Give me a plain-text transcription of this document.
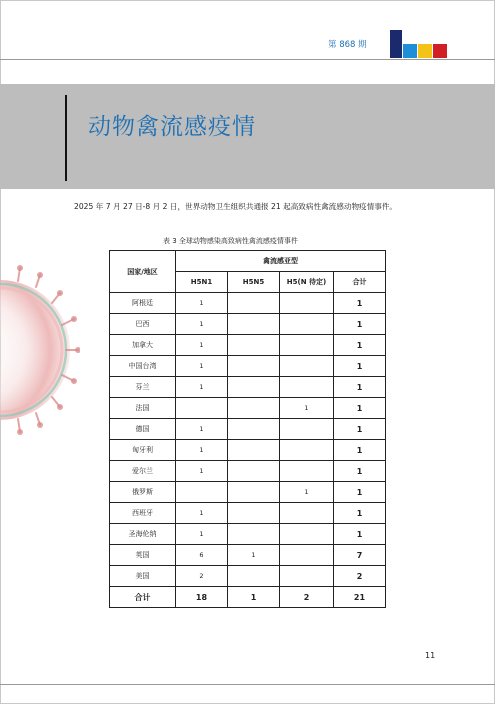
第 868 期
动物禽流感疫情
2025 年 7 月 27 日-8 月 2 日，世界动物卫生组织共通报 21 起高致病性禽流感动物疫情事件。
表 3 全球动物感染高致病性禽流感疫情事件
国家/地区	禽流感亚型			
	H5N1	H5N5	H5(N 待定)	合计
阿根廷	1			1
巴西	1			1
加拿大	1			1
中国台湾	1			1
芬兰	1			1
法国			1	1
德国	1			1
匈牙利	1			1
爱尔兰	1			1
俄罗斯			1	1
西班牙	1			1
圣海伦纳	1			1
英国	6	1		7
美国	2			2
合计	18	1	2	21
11
